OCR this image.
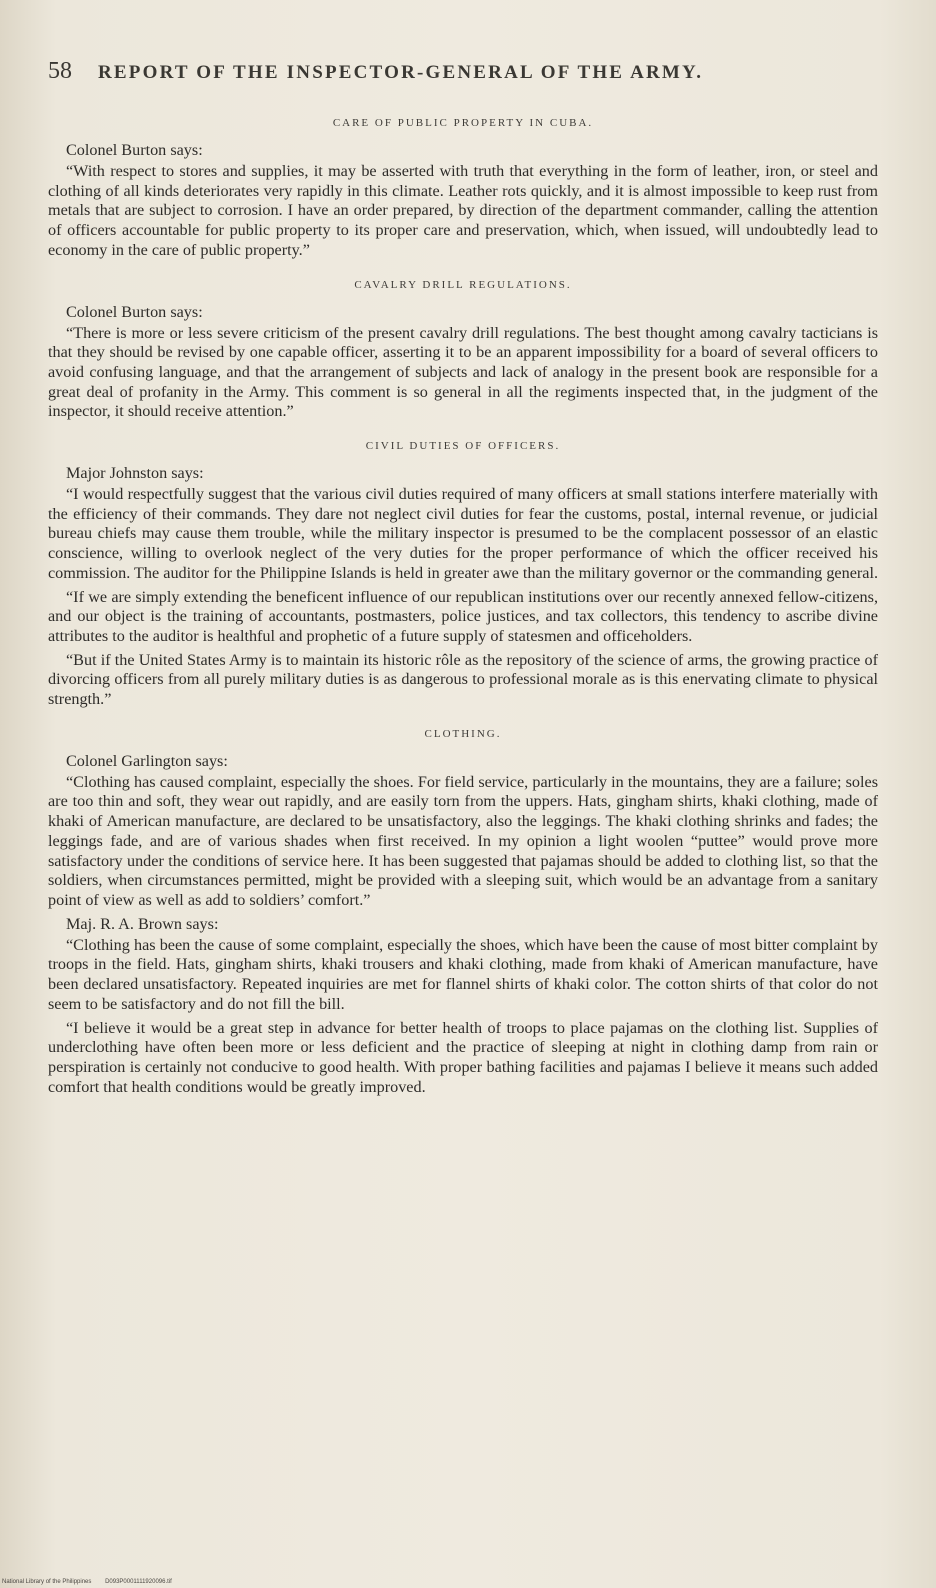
58 REPORT OF THE INSPECTOR-GENERAL OF THE ARMY.
CARE OF PUBLIC PROPERTY IN CUBA.
Colonel Burton says:

“With respect to stores and supplies, it may be asserted with truth that everything in the form of leather, iron, or steel and clothing of all kinds deteriorates very rapidly in this climate. Leather rots quickly, and it is almost impossible to keep rust from metals that are subject to corrosion. I have an order prepared, by direction of the department commander, calling the attention of officers accountable for public property to its proper care and preservation, which, when issued, will undoubtedly lead to economy in the care of public property.”

CAVALRY DRILL REGULATIONS.
Colonel Burton says:

“There is more or less severe criticism of the present cavalry drill regulations. The best thought among cavalry tacticians is that they should be revised by one capable officer, asserting it to be an apparent impossibility for a board of several officers to avoid confusing language, and that the arrangement of subjects and lack of analogy in the present book are responsible for a great deal of profanity in the Army. This comment is so general in all the regiments inspected that, in the judgment of the inspector, it should receive attention.”

CIVIL DUTIES OF OFFICERS.
Major Johnston says:

“I would respectfully suggest that the various civil duties required of many officers at small stations interfere materially with the efficiency of their commands. They dare not neglect civil duties for fear the customs, postal, internal revenue, or judicial bureau chiefs may cause them trouble, while the military inspector is presumed to be the complacent possessor of an elastic conscience, willing to overlook neglect of the very duties for the proper performance of which the officer received his commission. The auditor for the Philippine Islands is held in greater awe than the military governor or the commanding general.

“If we are simply extending the beneficent influence of our republican institutions over our recently annexed fellow-citizens, and our object is the training of accountants, postmasters, police justices, and tax collectors, this tendency to ascribe divine attributes to the auditor is healthful and prophetic of a future supply of statesmen and officeholders.

“But if the United States Army is to maintain its historic rôle as the repository of the science of arms, the growing practice of divorcing officers from all purely military duties is as dangerous to professional morale as is this enervating climate to physical strength.”

CLOTHING.
Colonel Garlington says:

“Clothing has caused complaint, especially the shoes. For field service, particularly in the mountains, they are a failure; soles are too thin and soft, they wear out rapidly, and are easily torn from the uppers. Hats, gingham shirts, khaki clothing, made of khaki of American manufacture, are declared to be unsatisfactory, also the leggings. The khaki clothing shrinks and fades; the leggings fade, and are of various shades when first received. In my opinion a light woolen “puttee” would prove more satisfactory under the conditions of service here. It has been suggested that pajamas should be added to clothing list, so that the soldiers, when circumstances permitted, might be provided with a sleeping suit, which would be an advantage from a sanitary point of view as well as add to soldiers’ comfort.”

Maj. R. A. Brown says:

“Clothing has been the cause of some complaint, especially the shoes, which have been the cause of most bitter complaint by troops in the field. Hats, gingham shirts, khaki trousers and khaki clothing, made from khaki of American manufacture, have been declared unsatisfactory. Repeated inquiries are met for flannel shirts of khaki color. The cotton shirts of that color do not seem to be satisfactory and do not fill the bill.

“I believe it would be a great step in advance for better health of troops to place pajamas on the clothing list. Supplies of underclothing have often been more or less deficient and the practice of sleeping at night in clothing damp from rain or perspiration is certainly not conducive to good health. With proper bathing facilities and pajamas I believe it means such added comfort that health conditions would be greatly improved.

National Library of the Philippines D093P0001111920096.tif
